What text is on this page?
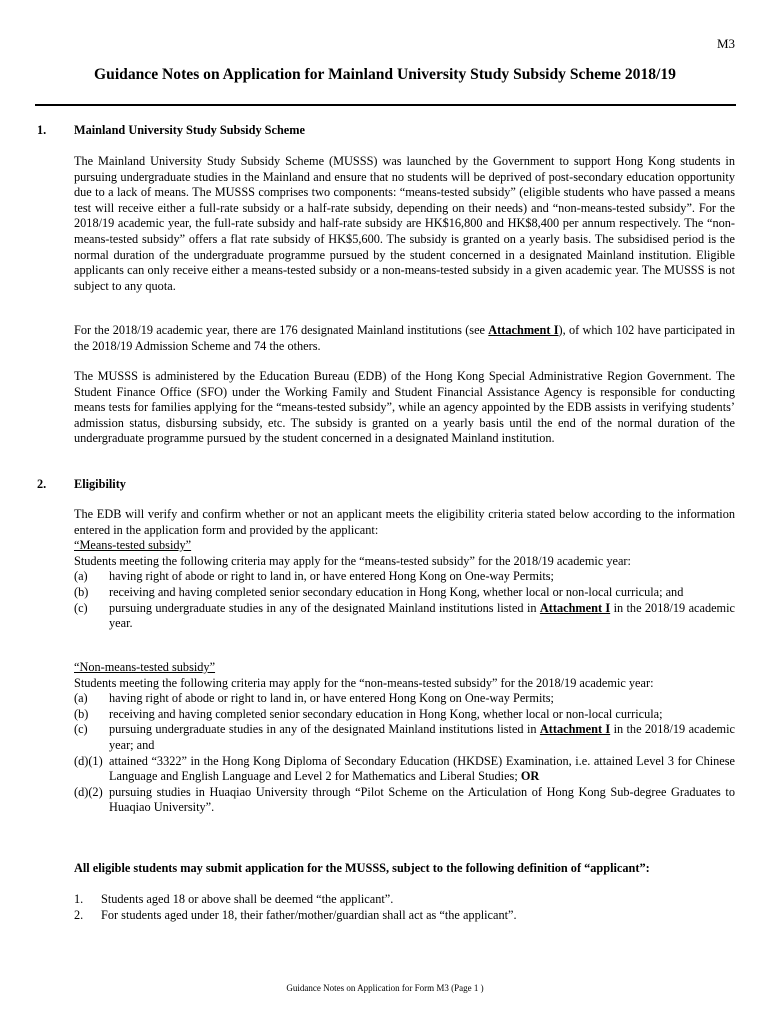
M3
Guidance Notes on Application for Mainland University Study Subsidy Scheme 2018/19
1. Mainland University Study Subsidy Scheme

The Mainland University Study Subsidy Scheme (MUSSS) was launched by the Government to support Hong Kong students in pursuing undergraduate studies in the Mainland and ensure that no students will be deprived of post-secondary education opportunity due to a lack of means. The MUSSS comprises two components: “means-tested subsidy” (eligible students who have passed a means test will receive either a full-rate subsidy or a half-rate subsidy, depending on their needs) and “non-means-tested subsidy”. For the 2018/19 academic year, the full-rate subsidy and half-rate subsidy are HK$16,800 and HK$8,400 per annum respectively. The “non-means-tested subsidy” offers a flat rate subsidy of HK$5,600. The subsidy is granted on a yearly basis. The subsidised period is the normal duration of the undergraduate programme pursued by the student concerned in a designated Mainland institution. Eligible applicants can only receive either a means-tested subsidy or a non-means-tested subsidy in a given academic year. The MUSSS is not subject to any quota.

For the 2018/19 academic year, there are 176 designated Mainland institutions (see Attachment I), of which 102 have participated in the 2018/19 Admission Scheme and 74 the others.

The MUSSS is administered by the Education Bureau (EDB) of the Hong Kong Special Administrative Region Government. The Student Finance Office (SFO) under the Working Family and Student Financial Assistance Agency is responsible for conducting means tests for families applying for the “means-tested subsidy”, while an agency appointed by the EDB assists in verifying students’ admission status, disbursing subsidy, etc. The subsidy is granted on a yearly basis until the end of the normal duration of the undergraduate programme pursued by the student concerned in a designated Mainland institution.

2. Eligibility

The EDB will verify and confirm whether or not an applicant meets the eligibility criteria stated below according to the information entered in the application form and provided by the applicant:

“Means-tested subsidy”

Students meeting the following criteria may apply for the “means-tested subsidy” for the 2018/19 academic year:

(a) having right of abode or right to land in, or have entered Hong Kong on One-way Permits;
(b) receiving and having completed senior secondary education in Hong Kong, whether local or non-local curricula; and
(c) pursuing undergraduate studies in any of the designated Mainland institutions listed in Attachment I in the 2018/19 academic year.

“Non-means-tested subsidy”

Students meeting the following criteria may apply for the “non-means-tested subsidy” for the 2018/19 academic year:

(a) having right of abode or right to land in, or have entered Hong Kong on One-way Permits;
(b) receiving and having completed senior secondary education in Hong Kong, whether local or non-local curricula;
(c) pursuing undergraduate studies in any of the designated Mainland institutions listed in Attachment I in the 2018/19 academic year; and
(d)(1) attained “3322” in the Hong Kong Diploma of Secondary Education (HKDSE) Examination, i.e. attained Level 3 for Chinese Language and English Language and Level 2 for Mathematics and Liberal Studies; OR
(d)(2) pursuing studies in Huaqiao University through “Pilot Scheme on the Articulation of Hong Kong Sub-degree Graduates to Huaqiao University”.
All eligible students may submit application for the MUSSS, subject to the following definition of “applicant”:
1. Students aged 18 or above shall be deemed “the applicant”.
2. For students aged under 18, their father/mother/guardian shall act as “the applicant”.
Guidance Notes on Application for Form M3 (Page 1 )
